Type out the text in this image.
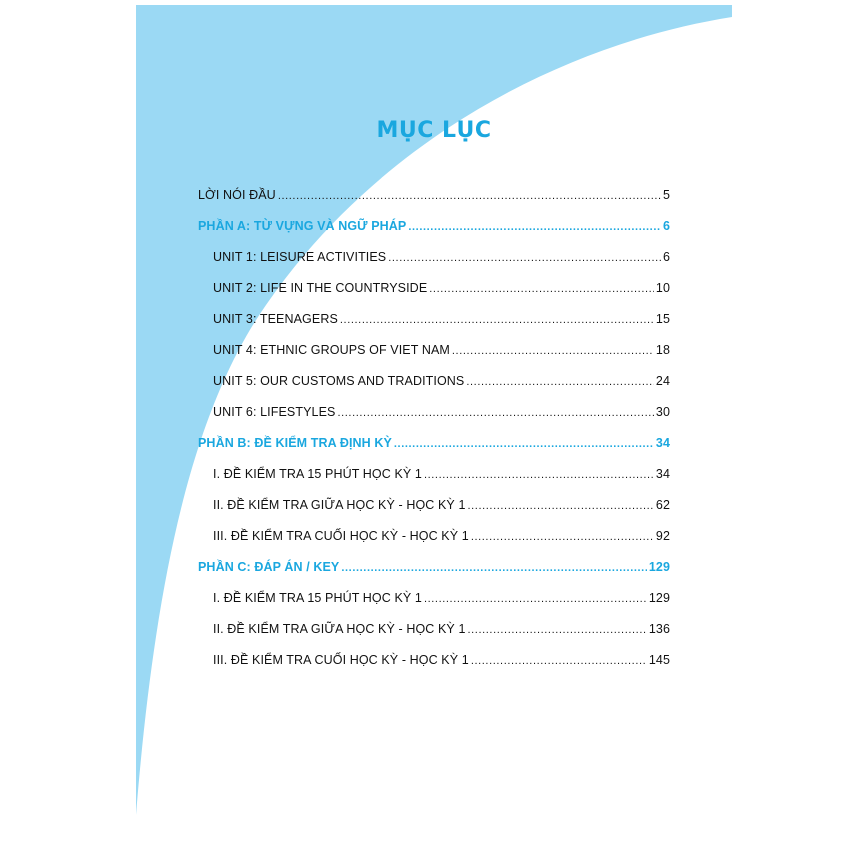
MỤC LỤC
LỜI NÓI ĐẦU .....	5
PHẦN A: TỪ VỰNG VÀ NGỮ PHÁP .....	6
UNIT 1: LEISURE ACTIVITIES .....	6
UNIT 2: LIFE IN THE COUNTRYSIDE .....	10
UNIT 3: TEENAGERS .....	15
UNIT 4: ETHNIC GROUPS OF VIET NAM .....	18
UNIT 5: OUR CUSTOMS AND TRADITIONS .....	24
UNIT 6: LIFESTYLES .....	30
PHẦN B: ĐỀ KIỂM TRA ĐỊNH KỲ .....	34
I. ĐỀ KIỂM TRA 15 PHÚT HỌC KỲ 1 .....	34
II. ĐỀ KIỂM TRA GIỮA HỌC KỲ - HỌC KỲ 1 .....	62
III. ĐỀ KIỂM TRA CUỐI HỌC KỲ - HỌC KỲ 1 .....	92
PHẦN C: ĐÁP ÁN / KEY .....	129
I. ĐỀ KIỂM TRA 15 PHÚT HỌC KỲ 1 .....	129
II. ĐỀ KIỂM TRA GIỮA HỌC KỲ - HỌC KỲ 1 .....	136
III. ĐỀ KIỂM TRA CUỐI HỌC KỲ - HỌC KỲ 1 .....	145
